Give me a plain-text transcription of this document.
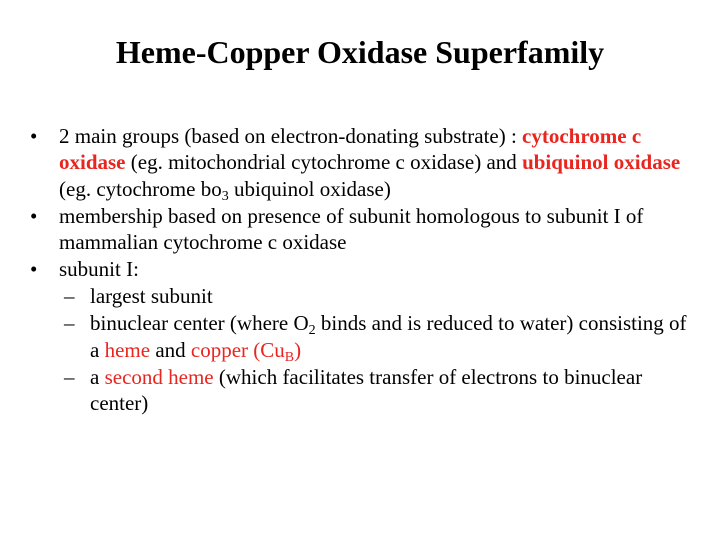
Heme-Copper Oxidase Superfamily
• 2 main groups (based on electron-donating substrate) : cytochrome c oxidase (eg. mitochondrial cytochrome c oxidase) and ubiquinol oxidase (eg. cytochrome $bo_3$ ubiquinol oxidase)
• membership based on presence of subunit homologous to subunit I of mammalian cytochrome c oxidase
• subunit I:
– largest subunit
– binuclear center (where $O_2$ binds and is reduced to water) consisting of a heme and copper $(Cu_B)$
– a second heme (which facilitates transfer of electrons to binuclear center)
